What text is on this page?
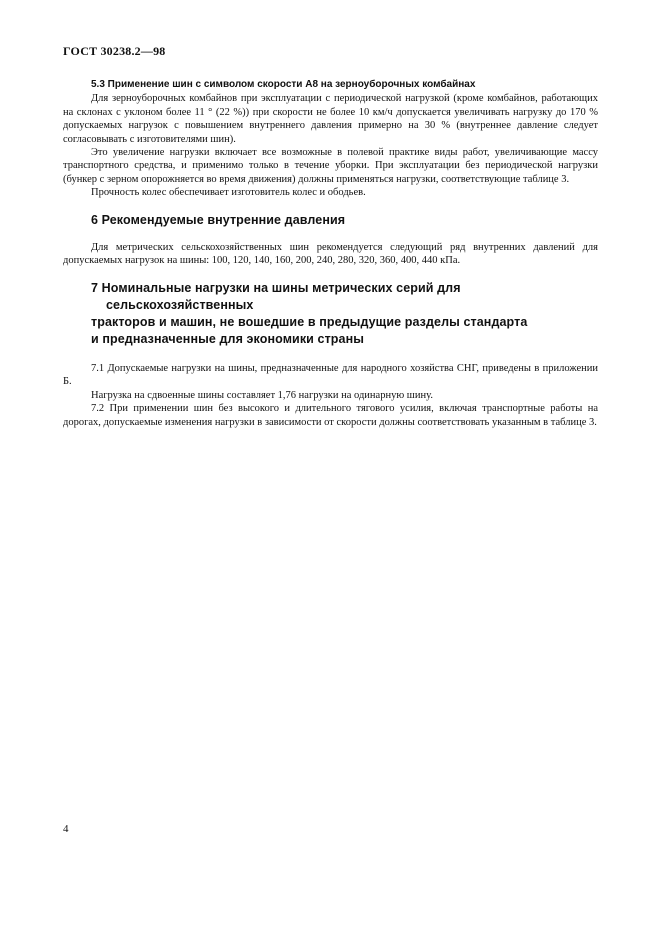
ГОСТ 30238.2—98
5.3 Применение шин с символом скорости А8 на зерноуборочных комбайнах

Для зерноуборочных комбайнов при эксплуатации с периодической нагрузкой (кроме комбайнов, работающих на склонах с уклоном более 11 ° (22 %)) при скорости не более 10 км/ч допускается увеличивать нагрузку до 170 % допускаемых нагрузок с повышением внутреннего давления примерно на 30 % (внутреннее давление следует согласовывать с изготовителями шин).

Это увеличение нагрузки включает все возможные в полевой практике виды работ, увеличивающие массу транспортного средства, и применимо только в течение уборки. При эксплуатации без периодической нагрузки (бункер с зерном опорожняется во время движения) должны применяться нагрузки, соответствующие таблице 3.

Прочность колес обеспечивает изготовитель колес и ободьев.

6 Рекомендуемые внутренние давления

Для метрических сельскохозяйственных шин рекомендуется следующий ряд внутренних давлений для допускаемых нагрузок на шины: 100, 120, 140, 160, 200, 240, 280, 320, 360, 400, 440 кПа.

7 Номинальные нагрузки на шины метрических серий для сельскохозяйственных
тракторов и машин, не вошедшие в предыдущие разделы стандарта
и предназначенные для экономики страны

7.1 Допускаемые нагрузки на шины, предназначенные для народного хозяйства СНГ, приведены в приложении Б.

Нагрузка на сдвоенные шины составляет 1,76 нагрузки на одинарную шину.

7.2 При применении шин без высокого и длительного тягового усилия, включая транспортные работы на дорогах, допускаемые изменения нагрузки в зависимости от скорости должны соответствовать указанным в таблице 3.

4
